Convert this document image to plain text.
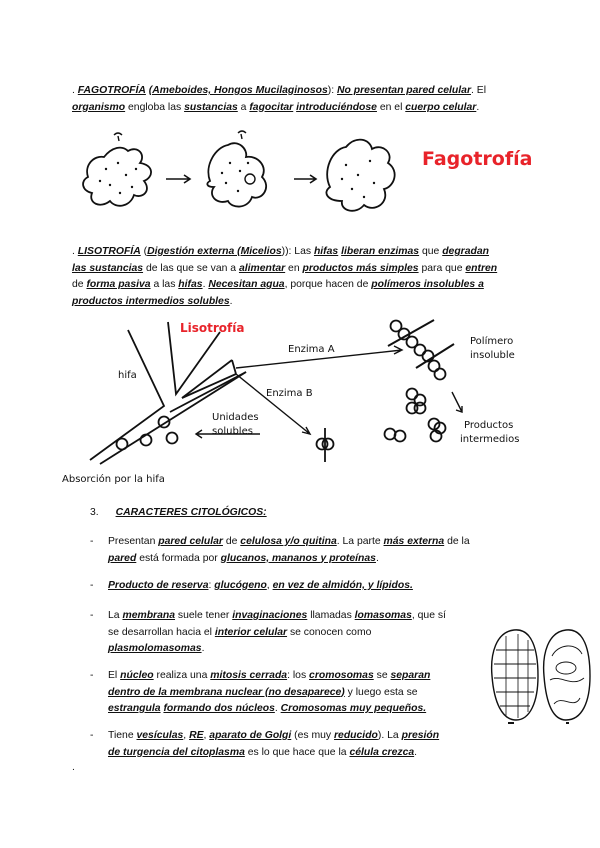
. FAGOTROFÍA (Ameboides, Hongos Mucilaginosos): No presentan pared celular. El
organismo engloba las sustancias a fagocitar introduciéndose en el cuerpo celular.
Fagotrofía
. LISOTROFÍA (Digestión externa (Micelios)): Las hifas liberan enzimas que degradan
las sustancias de las que se van a alimentar en productos más simples para que entren
de forma pasiva a las hifas. Necesitan agua, porque hacen de polímeros insolubles a
productos intermedios solubles.
Lisotrofía
hifa
Enzima A
Enzima B
Polímero
insoluble
Unidades
solubles
Productos
intermedios
Absorción por la hifa
3. CARACTERES CITOLÓGICOS:
- Presentan pared celular de celulosa y/o quitina. La parte más externa de la
pared está formada por glucanos, mananos y proteínas.
- Producto de reserva: glucógeno, en vez de almidón, y lípidos.
- La membrana suele tener invaginaciones llamadas lomasomas, que sí
se desarrollan hacia el interior celular se conocen como
plasmolomasomas.
- El núcleo realiza una mitosis cerrada: los cromosomas se separan
dentro de la membrana nuclear (no desaparece) y luego esta se
estrangula formando dos núcleos. Cromosomas muy pequeños.
- Tiene vesículas, RE, aparato de Golgi (es muy reducido). La presión
de turgencia del citoplasma es lo que hace que la célula crezca.
.
